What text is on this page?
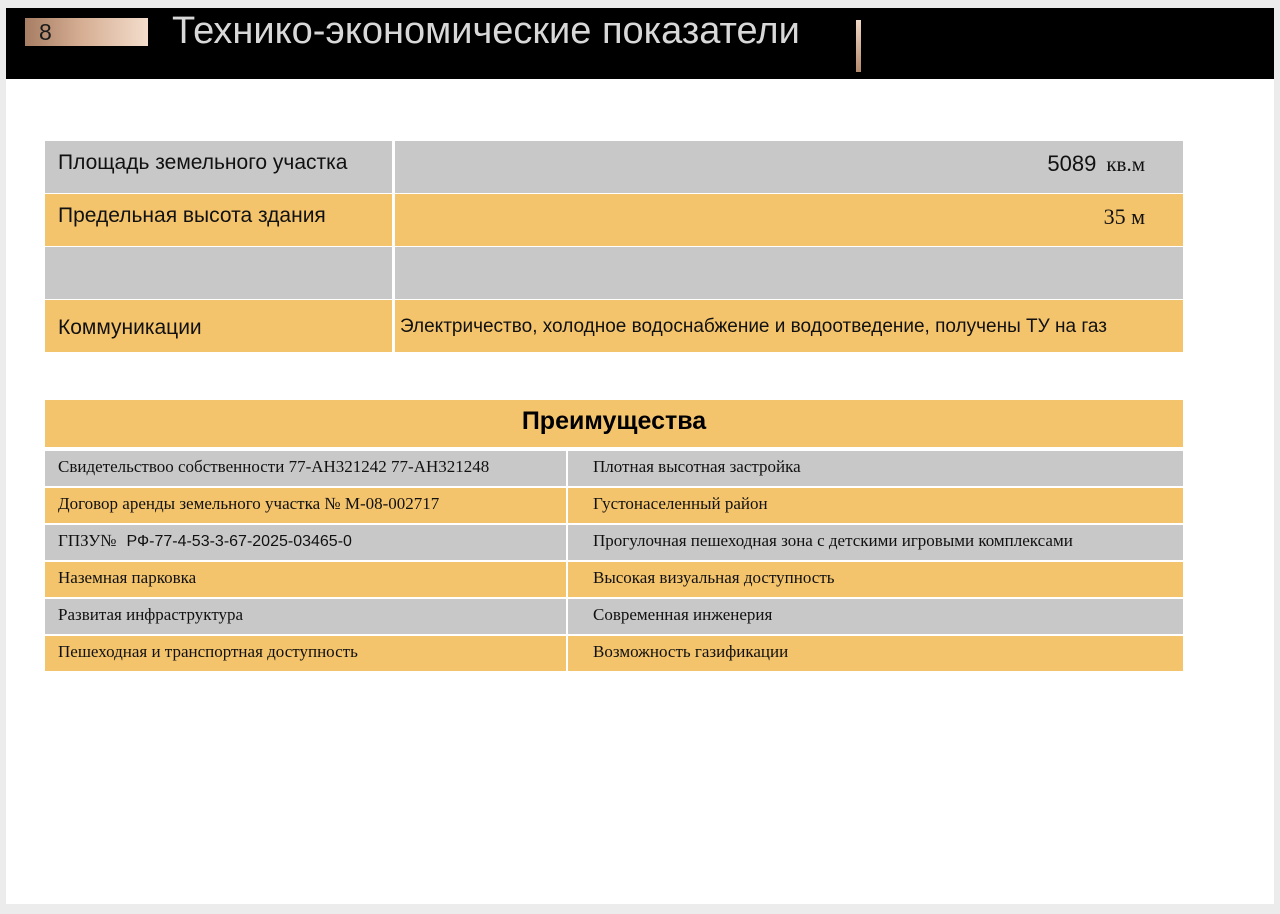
8	Технико-экономические показатели
Площадь земельного участка	5089 кв.м
Предельная высота здания	35 м
Коммуникации	Электричество, холодное водоснабжение и водоотведение, получены ТУ на газ
Преимущества
Свидетельствоо собственности 77-АН321242 77-АН321248	Плотная высотная застройка
Договор аренды земельного участка № М-08-002717	Густонаселенный район
ГПЗУ№ РФ-77-4-53-3-67-2025-03465-0	Прогулочная пешеходная зона с детскими игровыми комплексами
Наземная парковка	Высокая визуальная доступность
Развитая инфраструктура	Современная инженерия
Пешеходная и транспортная доступность	Возможность газификации
